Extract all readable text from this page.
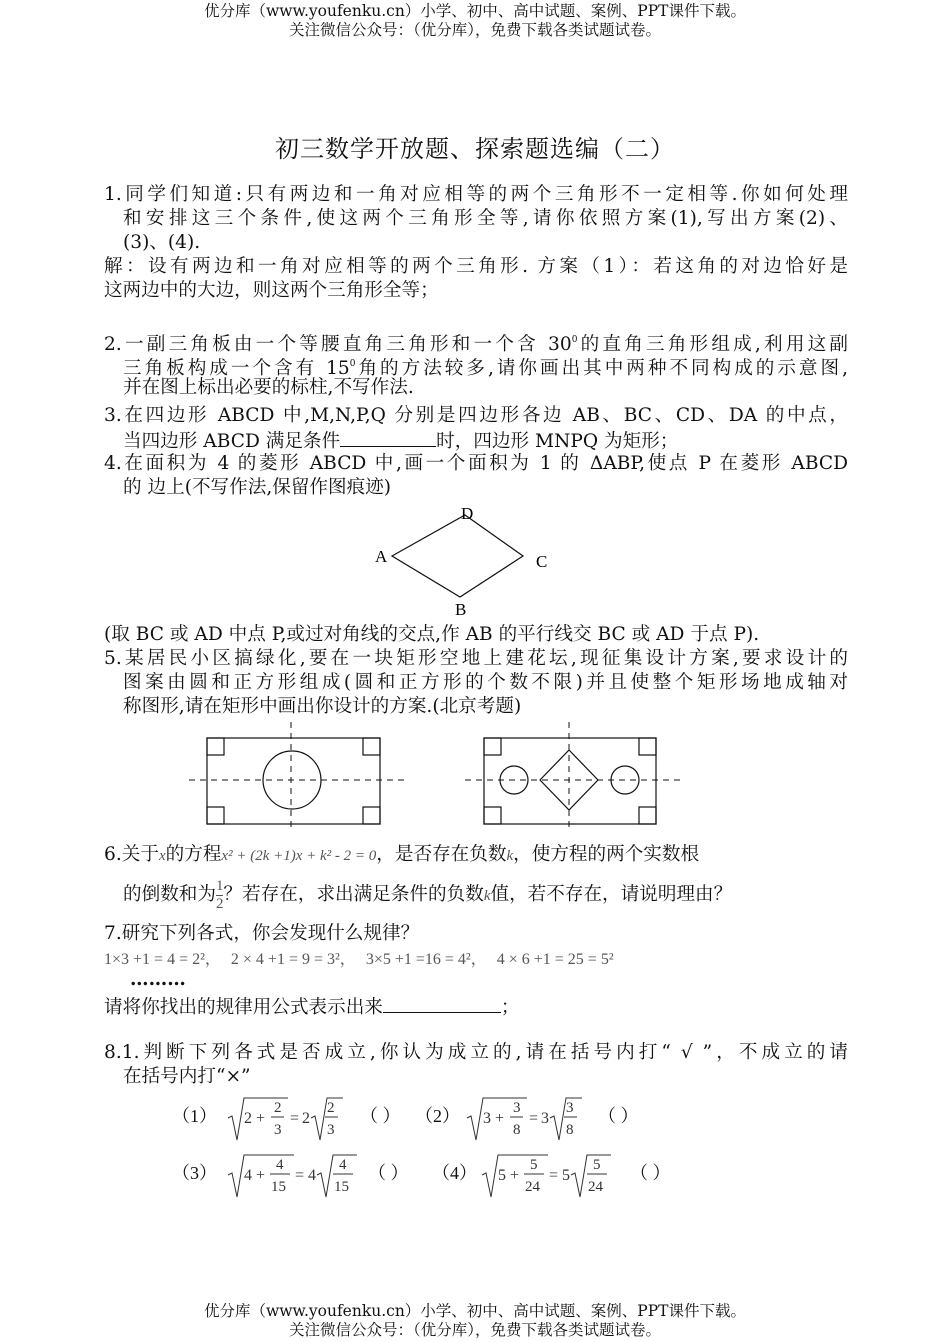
优分库（www.youfenku.cn）小学、初中、高中试题、案例、PPT课件下载。
关注微信公众号：（优分库），免费下载各类试题试卷。
初三数学开放题、探索题选编（二）
1.同学们知道:只有两边和一角对应相等的两个三角形不一定相等.你如何处理
和安排这三个条件,使这两个三角形全等,请你依照方案(1),写出方案(2)、
(3)、(4).
解：设有两边和一角对应相等的两个三角形. 方案（1）：若这角的对边恰好是
这两边中的大边，则这两个三角形全等；
2.一副三角板由一个等腰直角三角形和一个含 $30^0$的直角三角形组成,利用这副
三角板构成一个含有 $15^0$角的方法较多,请你画出其中两种不同构成的示意图,
并在图上标出必要的标柱,不写作法.
3.在四边形 ABCD 中,M,N,P,Q 分别是四边形各边 AB、BC、CD、DA 的中点，
当四边形 ABCD 满足条件	时，四边形 MNPQ 为矩形；
4.在面积为 4 的菱形 ABCD 中,画一个面积为 1 的 ΔABP,使点 P 在菱形 ABCD
的 边上(不写作法,保留作图痕迹)
A
D
C
B
(取 BC 或 AD 中点 P,或过对角线的交点,作 AB 的平行线交 BC 或 AD 于点 P).
5.某居民小区搞绿化,要在一块矩形空地上建花坛,现征集设计方案,要求设计的
图案由圆和正方形组成(圆和正方形的个数不限)并且使整个矩形场地成轴对
称图形,请在矩形中画出你设计的方案.(北京考题)
6.关于x的方程x² + (2k +1)x + k² - 2 = 0，是否存在负数k，使方程的两个实数根
的倒数和为 $\frac{1}{2}$ ？若存在，求出满足条件的负数k值，若不存在，请说明理由？
7.研究下列各式，你会发现什么规律？
1×3 +1 = 4 = 2²， 2 × 4 +1 = 9 = 3²， 3×5 +1 =16 = 4²， 4 × 6 +1 = 25 = 5²
………
请将你找出的规律用公式表示出来	；
8.1.判断下列各式是否成立,你认为成立的,请在括号内打“ √ ”，不成立的请
在括号内打“×”
（1） 2 +
2
3
= 2
2
3
（ ） （2） 3 +
3
8
= 3
3
8
（ ）
（3） 4 +
4
15
= 4
4
15
（ ） （4） 5 +
5
24
= 5
5
24
（ ）
优分库（www.youfenku.cn）小学、初中、高中试题、案例、PPT课件下载。
关注微信公众号：（优分库），免费下载各类试题试卷。
